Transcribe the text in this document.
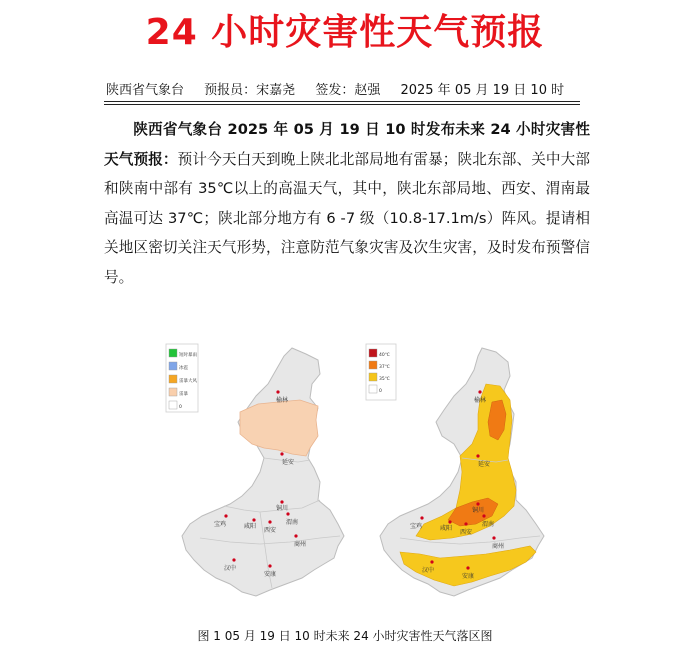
24 小时灾害性天气预报
陕西省气象台 预报员：宋嘉尧 签发：赵强 2025 年 05 月 19 日 10 时
陕西省气象台 2025 年 05 月 19 日 10 时发布未来 24 小时灾害性天气预报：预计今天白天到晚上陕北北部局地有雷暴；陕北东部、关中大部和陕南中部有 35℃以上的高温天气，其中，陕北东部局地、西安、渭南最高温可达 37℃；陕北部分地方有 6 -7 级（10.8-17.1m/s）阵风。提请相关地区密切关注天气形势，注意防范气象灾害及次生灾害，及时发布预警信号。
短时暴雨
冰雹
雷暴大风
雷暴
0
榆林
延安
铜川
宝鸡	咸阳
西安
渭南
商州
汉中
安康
40℃
37℃
35℃
0
榆林
延安
铜川
宝鸡	咸阳
西安
渭南
商州
汉中
安康
图 1 05 月 19 日 10 时未来 24 小时灾害性天气落区图
